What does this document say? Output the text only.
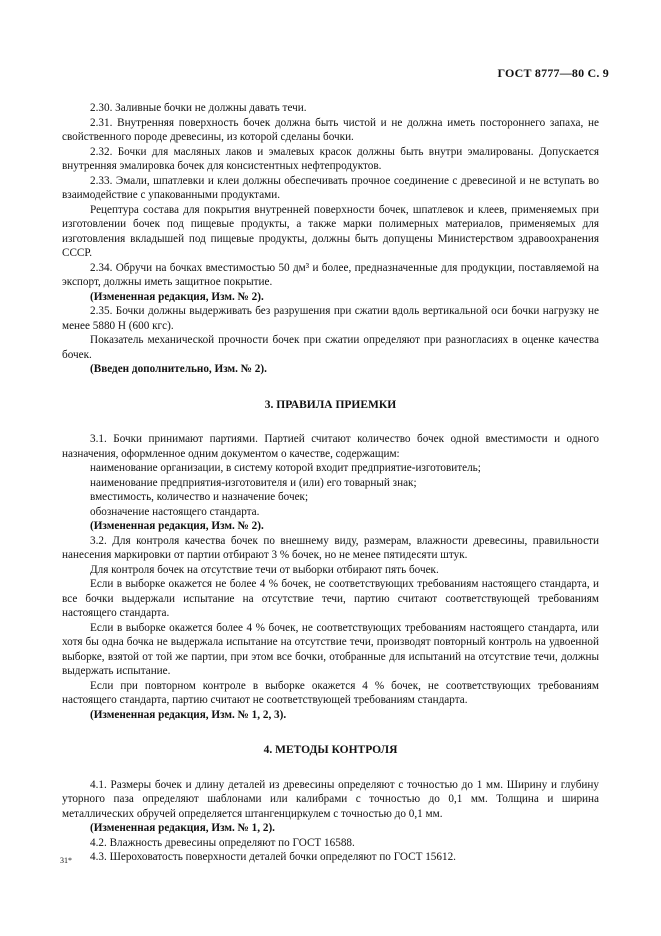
ГОСТ 8777—80 С. 9

2.30. Заливные бочки не должны давать течи.

2.31. Внутренняя поверхность бочек должна быть чистой и не должна иметь постороннего запаха, не свойственного породе древесины, из которой сделаны бочки.

2.32. Бочки для масляных лаков и эмалевых красок должны быть внутри эмалированы. Допускается внутренняя эмалировка бочек для консистентных нефтепродуктов.

2.33. Эмали, шпатлевки и клеи должны обеспечивать прочное соединение с древесиной и не вступать во взаимодействие с упакованными продуктами.

Рецептура состава для покрытия внутренней поверхности бочек, шпатлевок и клеев, применяемых при изготовлении бочек под пищевые продукты, а также марки полимерных материалов, применяемых для изготовления вкладышей под пищевые продукты, должны быть допущены Министерством здравоохранения СССР.

2.34. Обручи на бочках вместимостью 50 дм³ и более, предназначенные для продукции, поставляемой на экспорт, должны иметь защитное покрытие.

(Измененная редакция, Изм. № 2).

2.35. Бочки должны выдерживать без разрушения при сжатии вдоль вертикальной оси бочки нагрузку не менее 5880 Н (600 кгс).

Показатель механической прочности бочек при сжатии определяют при разногласиях в оценке качества бочек.

(Введен дополнительно, Изм. № 2).

3. ПРАВИЛА ПРИЕМКИ

3.1. Бочки принимают партиями. Партией считают количество бочек одной вместимости и одного назначения, оформленное одним документом о качестве, содержащим:

наименование организации, в систему которой входит предприятие-изготовитель;

наименование предприятия-изготовителя и (или) его товарный знак;

вместимость, количество и назначение бочек;

обозначение настоящего стандарта.

(Измененная редакция, Изм. № 2).

3.2. Для контроля качества бочек по внешнему виду, размерам, влажности древесины, правильности нанесения маркировки от партии отбирают 3 % бочек, но не менее пятидесяти штук.

Для контроля бочек на отсутствие течи от выборки отбирают пять бочек.

Если в выборке окажется не более 4 % бочек, не соответствующих требованиям настоящего стандарта, и все бочки выдержали испытание на отсутствие течи, партию считают соответствующей требованиям настоящего стандарта.

Если в выборке окажется более 4 % бочек, не соответствующих требованиям настоящего стандарта, или хотя бы одна бочка не выдержала испытание на отсутствие течи, производят повторный контроль на удвоенной выборке, взятой от той же партии, при этом все бочки, отобранные для испытаний на отсутствие течи, должны выдержать испытание.

Если при повторном контроле в выборке окажется 4 % бочек, не соответствующих требованиям настоящего стандарта, партию считают не соответствующей требованиям стандарта.

(Измененная редакция, Изм. № 1, 2, 3).

4. МЕТОДЫ КОНТРОЛЯ

4.1. Размеры бочек и длину деталей из древесины определяют с точностью до 1 мм. Ширину и глубину уторного паза определяют шаблонами или калибрами с точностью до 0,1 мм. Толщина и ширина металлических обручей определяется штангенциркулем с точностью до 0,1 мм.

(Измененная редакция, Изм. № 1, 2).

4.2. Влажность древесины определяют по ГОСТ 16588.

4.3. Шероховатость поверхности деталей бочки определяют по ГОСТ 15612.

31*
